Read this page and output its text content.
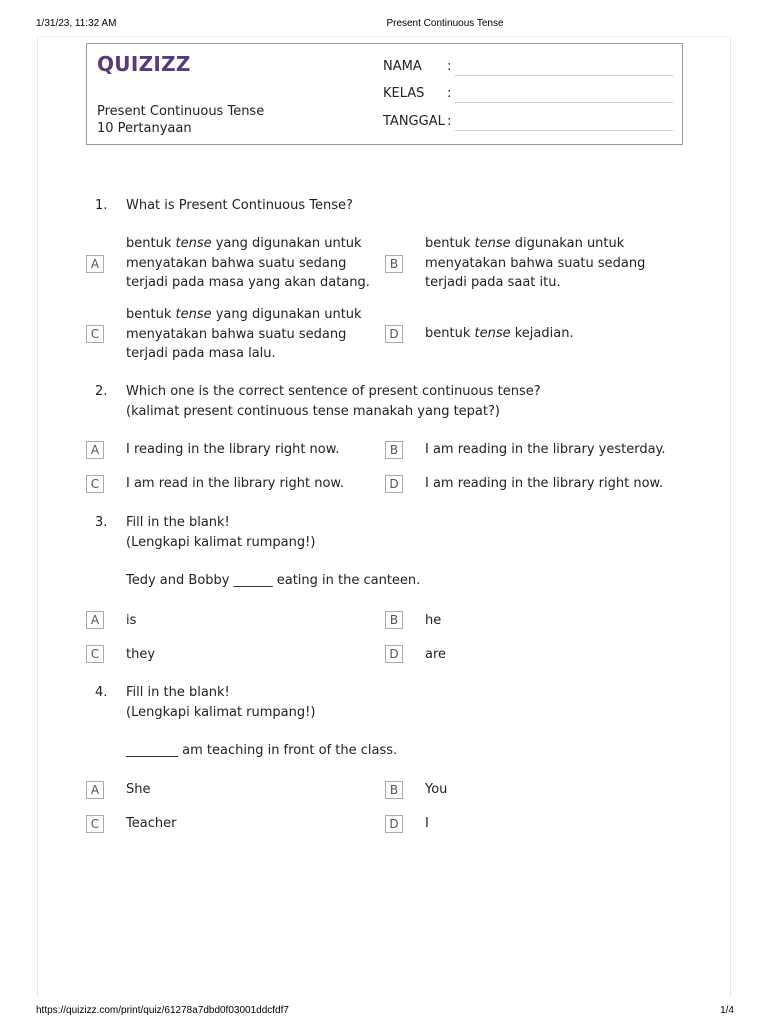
1/31/23, 11:32 AM	Present Continuous Tense
QUIZIZZ
Present Continuous Tense
10 Pertanyaan
NAMA	:
KELAS	:
TANGGAL :
1. What is Present Continuous Tense?
A
bentuk tense yang digunakan untuk menyatakan bahwa suatu sedang terjadi pada masa yang akan datang.
B
bentuk tense digunakan untuk menyatakan bahwa suatu sedang terjadi pada saat itu.
C
bentuk tense yang digunakan untuk menyatakan bahwa suatu sedang terjadi pada masa lalu.
D	bentuk tense kejadian.
2. Which one is the correct sentence of present continuous tense?
(kalimat present continuous tense manakah yang tepat?)
A	I reading in the library right now.	B	I am reading in the library yesterday.
C	I am read in the library right now.	D	I am reading in the library right now.
3. Fill in the blank!
(Lengkapi kalimat rumpang!)
Tedy and Bobby ______ eating in the canteen.
A	is	B	he
C	they	D	are
4. Fill in the blank!
(Lengkapi kalimat rumpang!)
________ am teaching in front of the class.
A	She	B	You
C	Teacher	D	I
https://quizizz.com/print/quiz/61278a7dbd0f03001ddcfdf7	1/4
